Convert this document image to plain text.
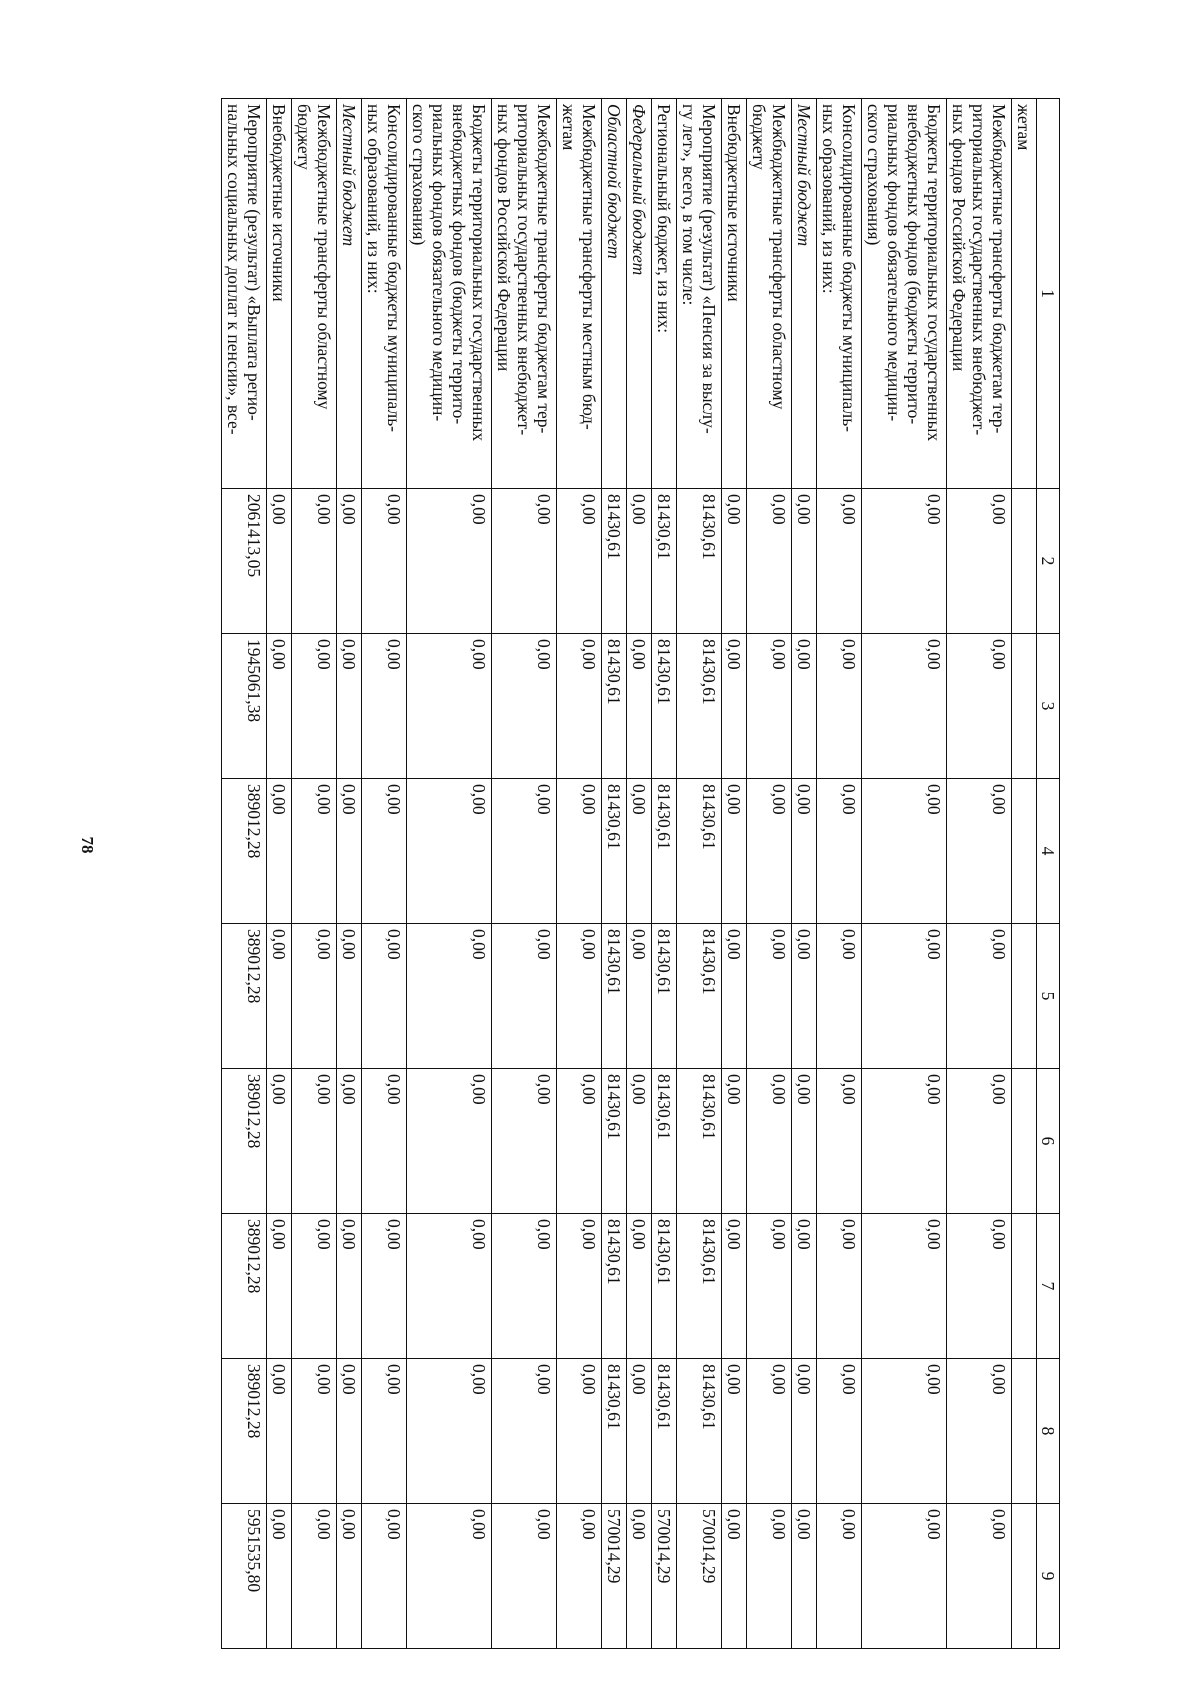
78
1	2	3	4	5	6	7	8	9
жетам								
Межбюджетные трансферты бюджетам тер-
риториальных государственных внебюджет-
ных фондов Российской Федерации	0,00	0,00	0,00	0,00	0,00	0,00	0,00	0,00
Бюджеты территориальных государственных
внебюджетных фондов (бюджеты террито-
риальных фондов обязательного медицин-
ского страхования)	0,00	0,00	0,00	0,00	0,00	0,00	0,00	0,00
Консолидированные бюджеты муниципаль-
ных образований, из них:	0,00	0,00	0,00	0,00	0,00	0,00	0,00	0,00
Местный бюджет	0,00	0,00	0,00	0,00	0,00	0,00	0,00	0,00
Межбюджетные трансферты областному
бюджету	0,00	0,00	0,00	0,00	0,00	0,00	0,00	0,00
Внебюджетные источники	0,00	0,00	0,00	0,00	0,00	0,00	0,00	0,00
Мероприятие (результат) «Пенсия за выслу-
гу лет», всего, в том числе:	81430,61	81430,61	81430,61	81430,61	81430,61	81430,61	81430,61	570014,29
Региональный бюджет, из них:	81430,61	81430,61	81430,61	81430,61	81430,61	81430,61	81430,61	570014,29
Федеральный бюджет	0,00	0,00	0,00	0,00	0,00	0,00	0,00	0,00
Областной бюджет	81430,61	81430,61	81430,61	81430,61	81430,61	81430,61	81430,61	570014,29
Межбюджетные трансферты местным бюд-
жетам	0,00	0,00	0,00	0,00	0,00	0,00	0,00	0,00
Межбюджетные трансферты бюджетам тер-
риториальных государственных внебюджет-
ных фондов Российской Федерации	0,00	0,00	0,00	0,00	0,00	0,00	0,00	0,00
Бюджеты территориальных государственных
внебюджетных фондов (бюджеты террито-
риальных фондов обязательного медицин-
ского страхования)	0,00	0,00	0,00	0,00	0,00	0,00	0,00	0,00
Консолидированные бюджеты муниципаль-
ных образований, из них:	0,00	0,00	0,00	0,00	0,00	0,00	0,00	0,00
Местный бюджет	0,00	0,00	0,00	0,00	0,00	0,00	0,00	0,00
Межбюджетные трансферты областному
бюджету	0,00	0,00	0,00	0,00	0,00	0,00	0,00	0,00
Внебюджетные источники	0,00	0,00	0,00	0,00	0,00	0,00	0,00	0,00
Мероприятие (результат) «Выплата регио-
нальных социальных доплат к пенсии», все-	2061413,05	1945061,38	389012,28	389012,28	389012,28	389012,28	389012,28	5951535,80
